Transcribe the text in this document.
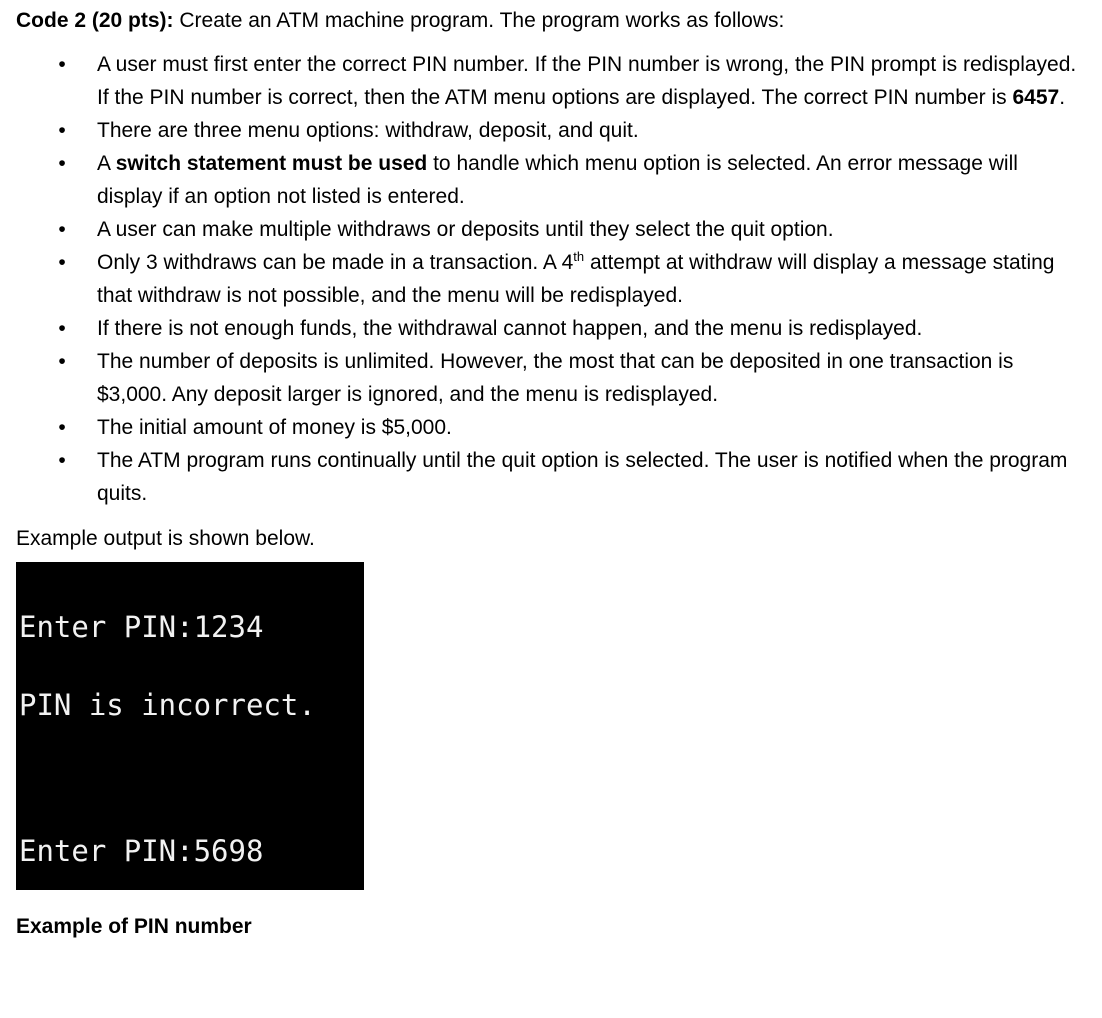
Code 2 (20 pts): Create an ATM machine program. The program works as follows:

• A user must first enter the correct PIN number. If the PIN number is wrong, the PIN prompt is redisplayed. If the PIN number is correct, then the ATM menu options are displayed. The correct PIN number is 6457.
• There are three menu options: withdraw, deposit, and quit.
• A switch statement must be used to handle which menu option is selected. An error message will display if an option not listed is entered.
• A user can make multiple withdraws or deposits until they select the quit option.
• Only 3 withdraws can be made in a transaction. A 4th attempt at withdraw will display a message stating that withdraw is not possible, and the menu will be redisplayed.
• If there is not enough funds, the withdrawal cannot happen, and the menu is redisplayed.
• The number of deposits is unlimited. However, the most that can be deposited in one transaction is $3,000. Any deposit larger is ignored, and the menu is redisplayed.
• The initial amount of money is $5,000.
• The ATM program runs continually until the quit option is selected. The user is notified when the program quits.
Example output is shown below.

Enter PIN:1234

PIN is incorrect.

Enter PIN:5698

Example of PIN number
